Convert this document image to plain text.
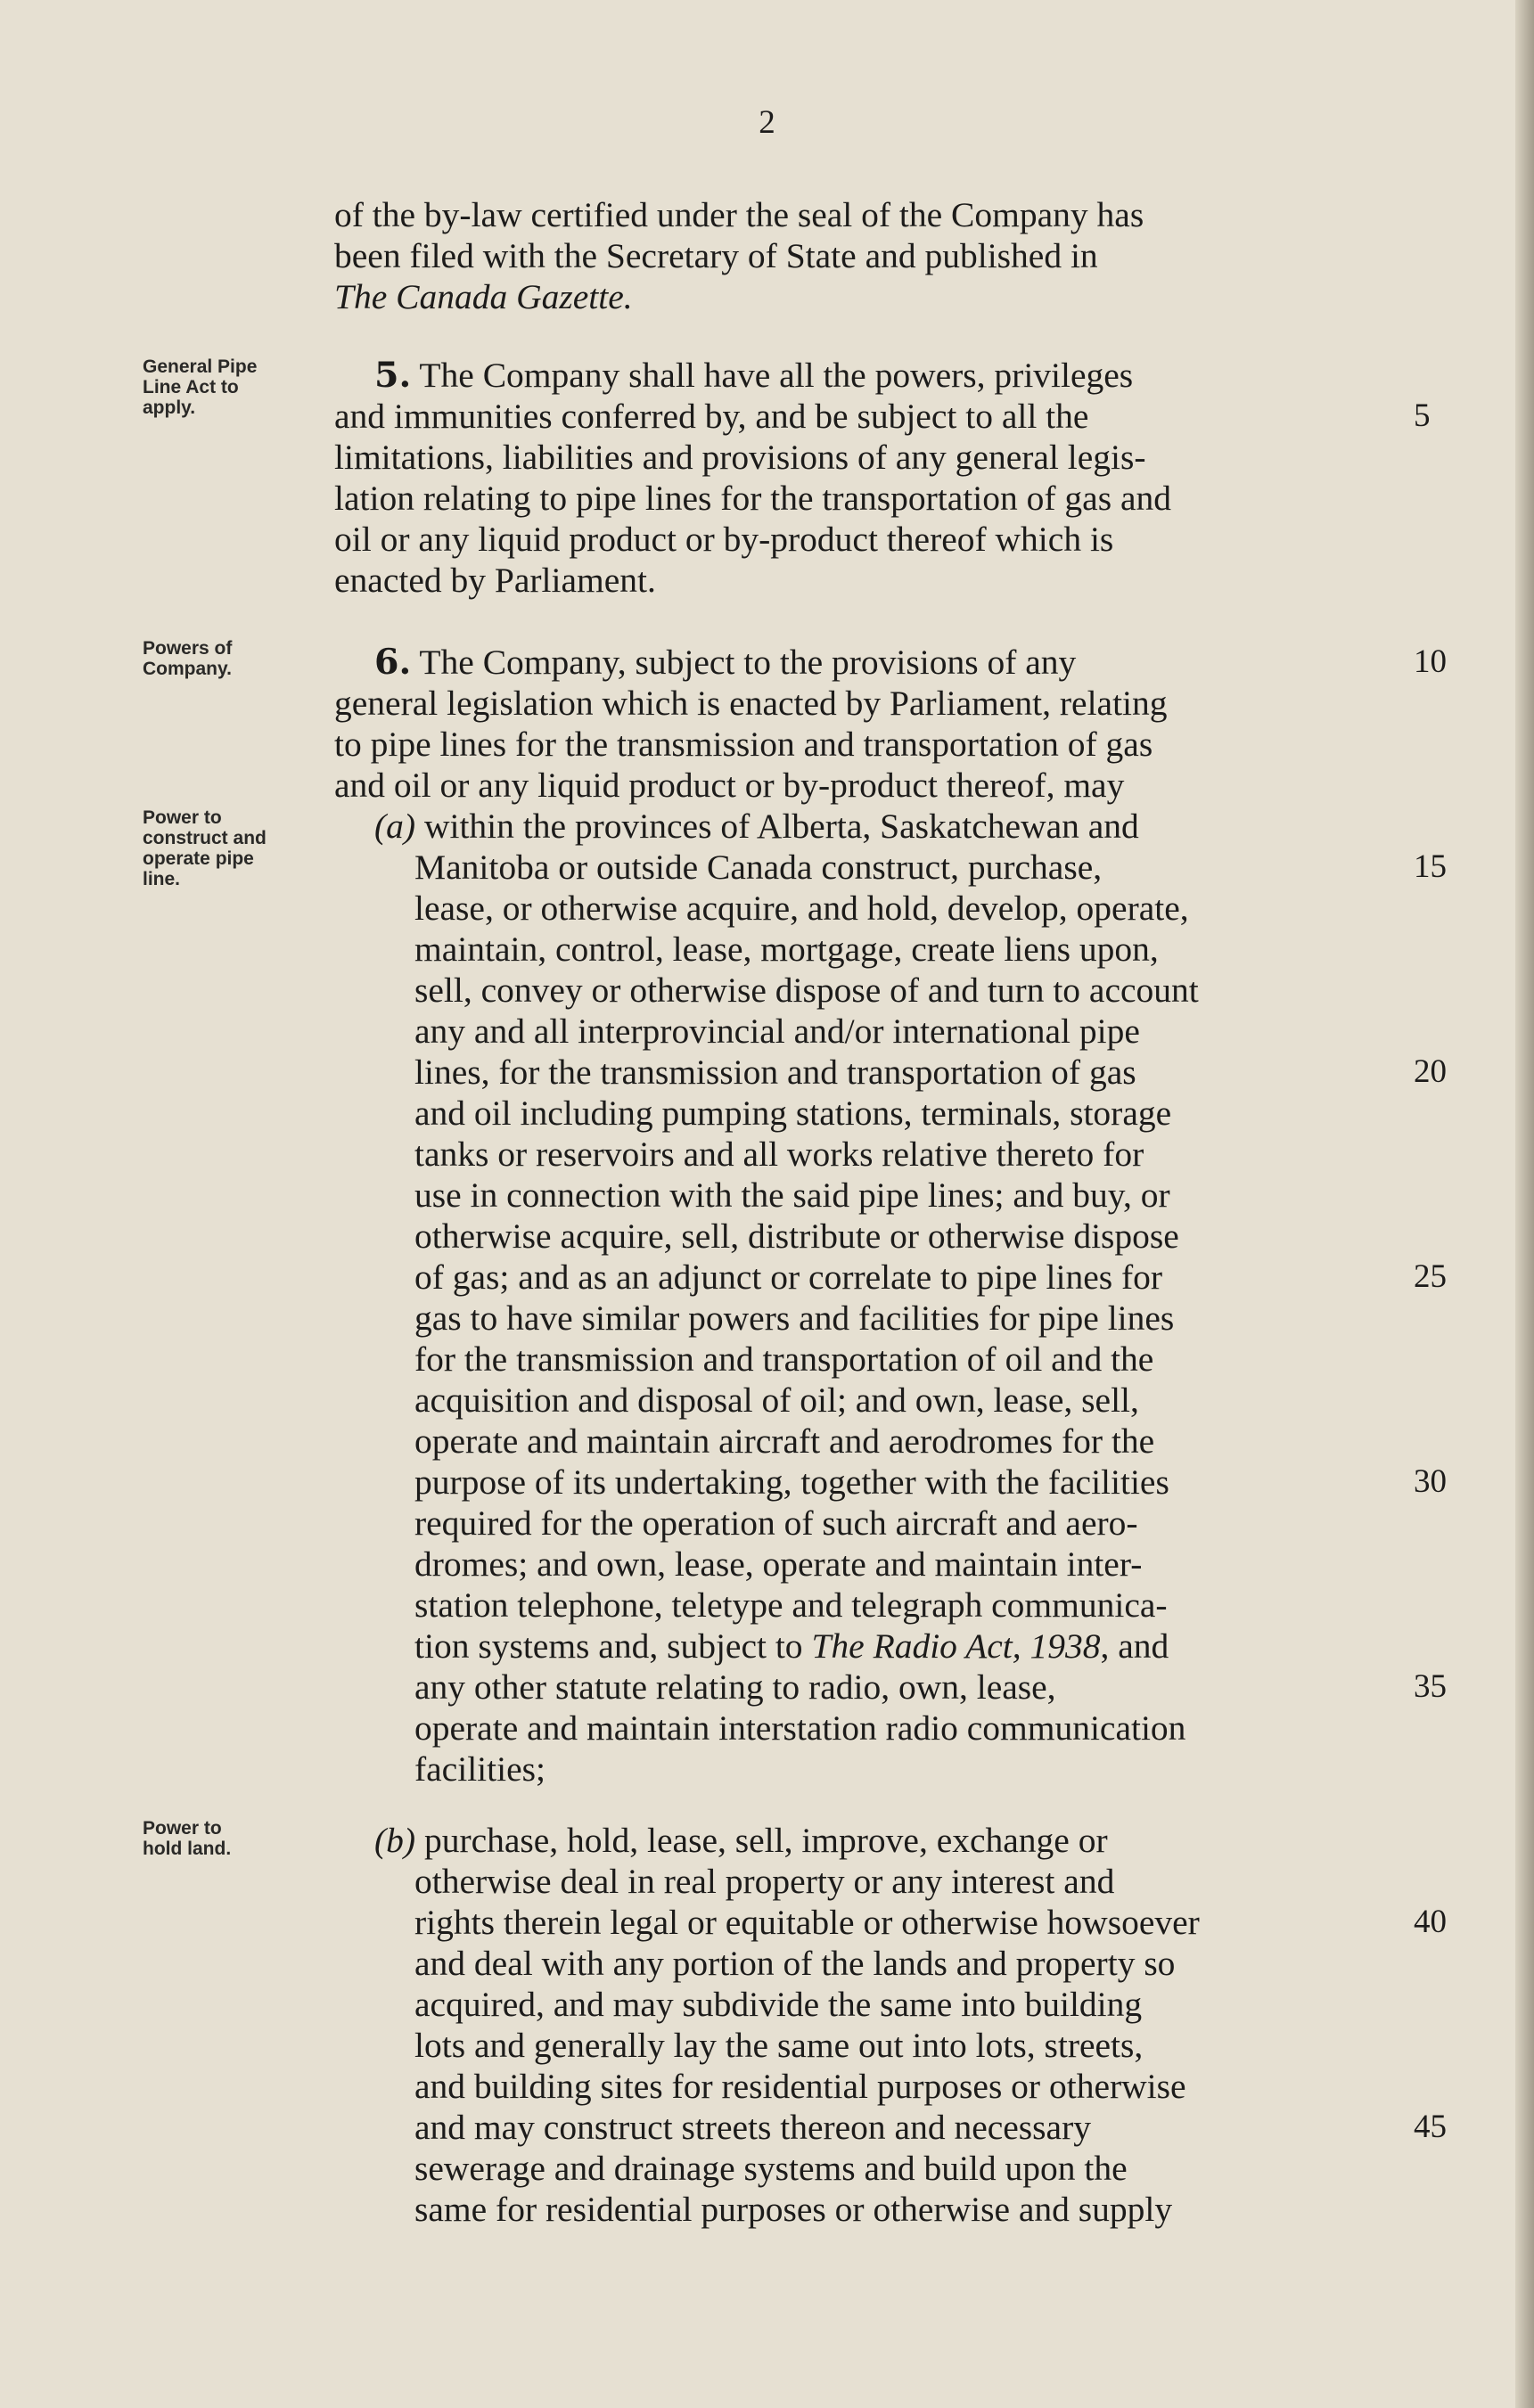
2
General Pipe
Line Act to
apply.
Powers of
Company.
Power to
construct and
operate pipe
line.
Power to
hold land.
of the by-law certified under the seal of the Company has
been filed with the Secretary of State and published in
The Canada Gazette.
5. The Company shall have all the powers, privileges
and immunities conferred by, and be subject to all the
limitations, liabilities and provisions of any general legis-
lation relating to pipe lines for the transportation of gas and
oil or any liquid product or by-product thereof which is
enacted by Parliament.
6. The Company, subject to the provisions of any
general legislation which is enacted by Parliament, relating
to pipe lines for the transmission and transportation of gas
and oil or any liquid product or by-product thereof, may
(a) within the provinces of Alberta, Saskatchewan and
Manitoba or outside Canada construct, purchase,
lease, or otherwise acquire, and hold, develop, operate,
maintain, control, lease, mortgage, create liens upon,
sell, convey or otherwise dispose of and turn to account
any and all interprovincial and/or international pipe
lines, for the transmission and transportation of gas
and oil including pumping stations, terminals, storage
tanks or reservoirs and all works relative thereto for
use in connection with the said pipe lines; and buy, or
otherwise acquire, sell, distribute or otherwise dispose
of gas; and as an adjunct or correlate to pipe lines for
gas to have similar powers and facilities for pipe lines
for the transmission and transportation of oil and the
acquisition and disposal of oil; and own, lease, sell,
operate and maintain aircraft and aerodromes for the
purpose of its undertaking, together with the facilities
required for the operation of such aircraft and aero-
dromes; and own, lease, operate and maintain inter-
station telephone, teletype and telegraph communica-
tion systems and, subject to The Radio Act, 1938, and
any other statute relating to radio, own, lease,
operate and maintain interstation radio communication
facilities;
(b) purchase, hold, lease, sell, improve, exchange or
otherwise deal in real property or any interest and
rights therein legal or equitable or otherwise howsoever
and deal with any portion of the lands and property so
acquired, and may subdivide the same into building
lots and generally lay the same out into lots, streets,
and building sites for residential purposes or otherwise
and may construct streets thereon and necessary
sewerage and drainage systems and build upon the
same for residential purposes or otherwise and supply
5
10
15
20
25
30
35
40
45
